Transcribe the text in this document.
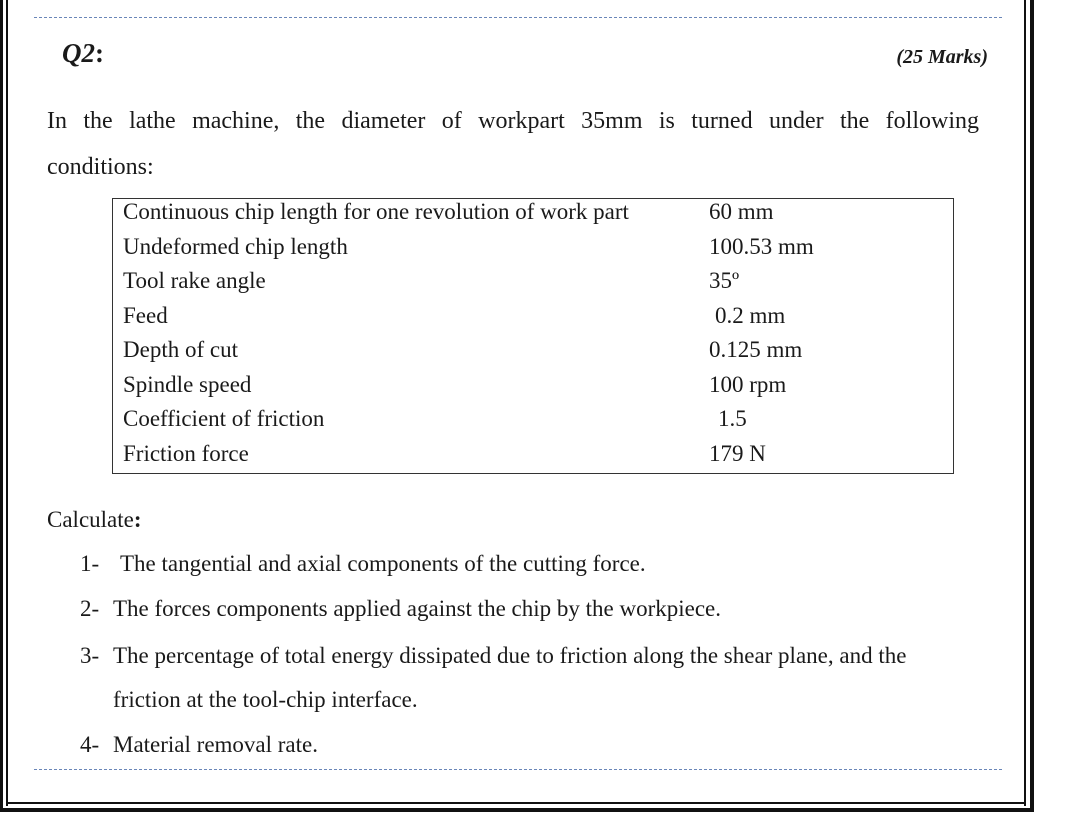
Q2:	(25 Marks)
In the lathe machine, the diameter of workpart 35mm is turned under the following
conditions:
Continuous chip length for one revolution of work part	60 mm
Undeformed chip length	100.53 mm
Tool rake angle	35º
Feed	0.2 mm
Depth of cut	0.125 mm
Spindle speed	100 rpm
Coefficient of friction	1.5
Friction force	179 N
Calculate:
1- The tangential and axial components of the cutting force.
2- The forces components applied against the chip by the workpiece.
3- The percentage of total energy dissipated due to friction along the shear plane, and the
friction at the tool-chip interface.
4- Material removal rate.
